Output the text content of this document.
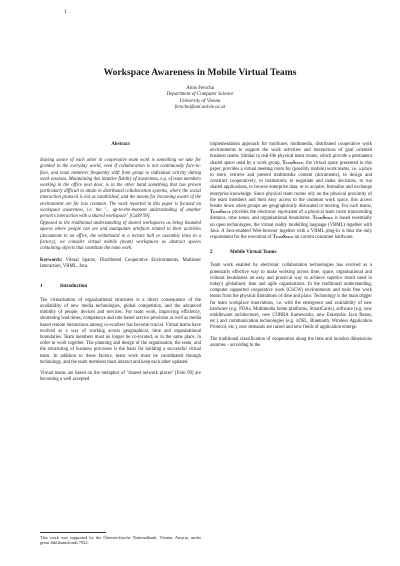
1
Workspace Awareness in Mobile Virtual Teams
Alois Ferscha
Department of Computer Science
University of Vienna
ferscha@ani.univie.ac.at
Abstract

Staying aware of each other in cooperative team work is something we take for granted in the everyday world, even if collaboration is not continuously face-to-face, and team members frequently shift from group to individual activity during work sessions. Maintaining this intuitive fidelity of awareness, e.g. of team members working in the office next door, is in the other hand something that has proven particularly difficult to attain in distributed collaboration systems, where the social interaction protocol is not as established, and the means for becoming aware of the environment are far less common. The work reported in this paper is focused on workspace awareness, i.e. the "... up-to-the-moment understanding of another person's interaction with a shared workspace" [Gu99 99].

Opposed to the traditional understanding of shared workspaces as being bounded spaces where people can see and manipulate artefacts related to their activities (documents in an office, the whiteboard in a lecture hall or assembly lines in a factory), we consider virtual mobile (team) workspaces as abstract spaces containing objects that constitute the team work.

Keywords: Virtual Spaces, Distributed Cooperative Environments, Multiuser Interaction, VRML, Java.

1	Introduction

The virtualisation of organisational structures is a direct consequence of the availability of new media technologies, global competition, and the advanced mobility of people, devices and services. For team work, improving efficiency, shortening lead times, competence and role based service provision as well as media based remote interactions among co-workers has become crucial. Virtual teams have evolved as a way of working across geographical, time and organisational boundaries. Team members must no longer be co-located, or in the same place, in order to work together. The planning and design of the organisation, the team, and the structuring of business processes is the basis for building a successful virtual team. In addition to these factors, team work must be coordinated through technology, and the team members must interact and keep each other updated.

Virtual teams are based on the metaphor of "shared network places" [Folo 99] are becoming a well accepted

This work was supported by the Österreichische Nationalbank, Vienna, Austria, under grant Jubiläumsfonds 7922.

implementation approach for multiuser, multimedia, distributed cooperative work environments to support the work activities and interactions of goal oriented business teams. Similar to real-life physical team rooms, which provide a permanent shared space used by a work group, TeamSpace, the virtual space presented in this paper, provides a virtual meeting room for (possibly mobile) work teams, i.e. a place to store, retrieve and present multimedia content (documents), to design and construct cooperatively, to brainstorm, to negotiate and make decisions, to run shared applications, to browse enterprise data, or to acquire, formalise and exchange enterprise knowledge. Since physical team rooms rely on the physical proximity of the team members and their easy access to the common work space, this access breaks down when groups are geographically dislocated or moving. For such teams, TeamSpace provides the electronic equivalent of a physical team room transcending distance, time zones, and organisational boundaries. TeamSpace is based essentially on open technologies, the virtual reality modelling language (VRML) together with Java. A Java-enabled Web-browser together with a VRML plug-in is thus the only requirement for the execution of TeamSpace on current consumer hardware.

2	Mobile Virtual Teams

Team work enabled by electronic collaboration technologies has evolved as a potentially effective way to make working across time, space, organisational and cultural boundaries an easy and practical way to achieve superior result need in today's globalised, lean and agile organisations. In the traditional understanding, computer supported cooperative work (CSCW) environments and tools free work teams from the physical limitations of time and place. Technology is the main trigger for team workplace innovations, i.e. with the emergence and availability of new hardware (e.g. PDAs, Multimedia home platforms, SmartCards), software (e.g. new middleware architectures, new CORBA frameworks, new Enterprise Java Beans, etc.) and communication technologies (e.g. xDSL, Bluetooth, Wireless Application Protocol, etc.), new demands are raised and new fields of application emerge.

The traditional classification of cooperation along the time and location dimensions assumes - according to the
